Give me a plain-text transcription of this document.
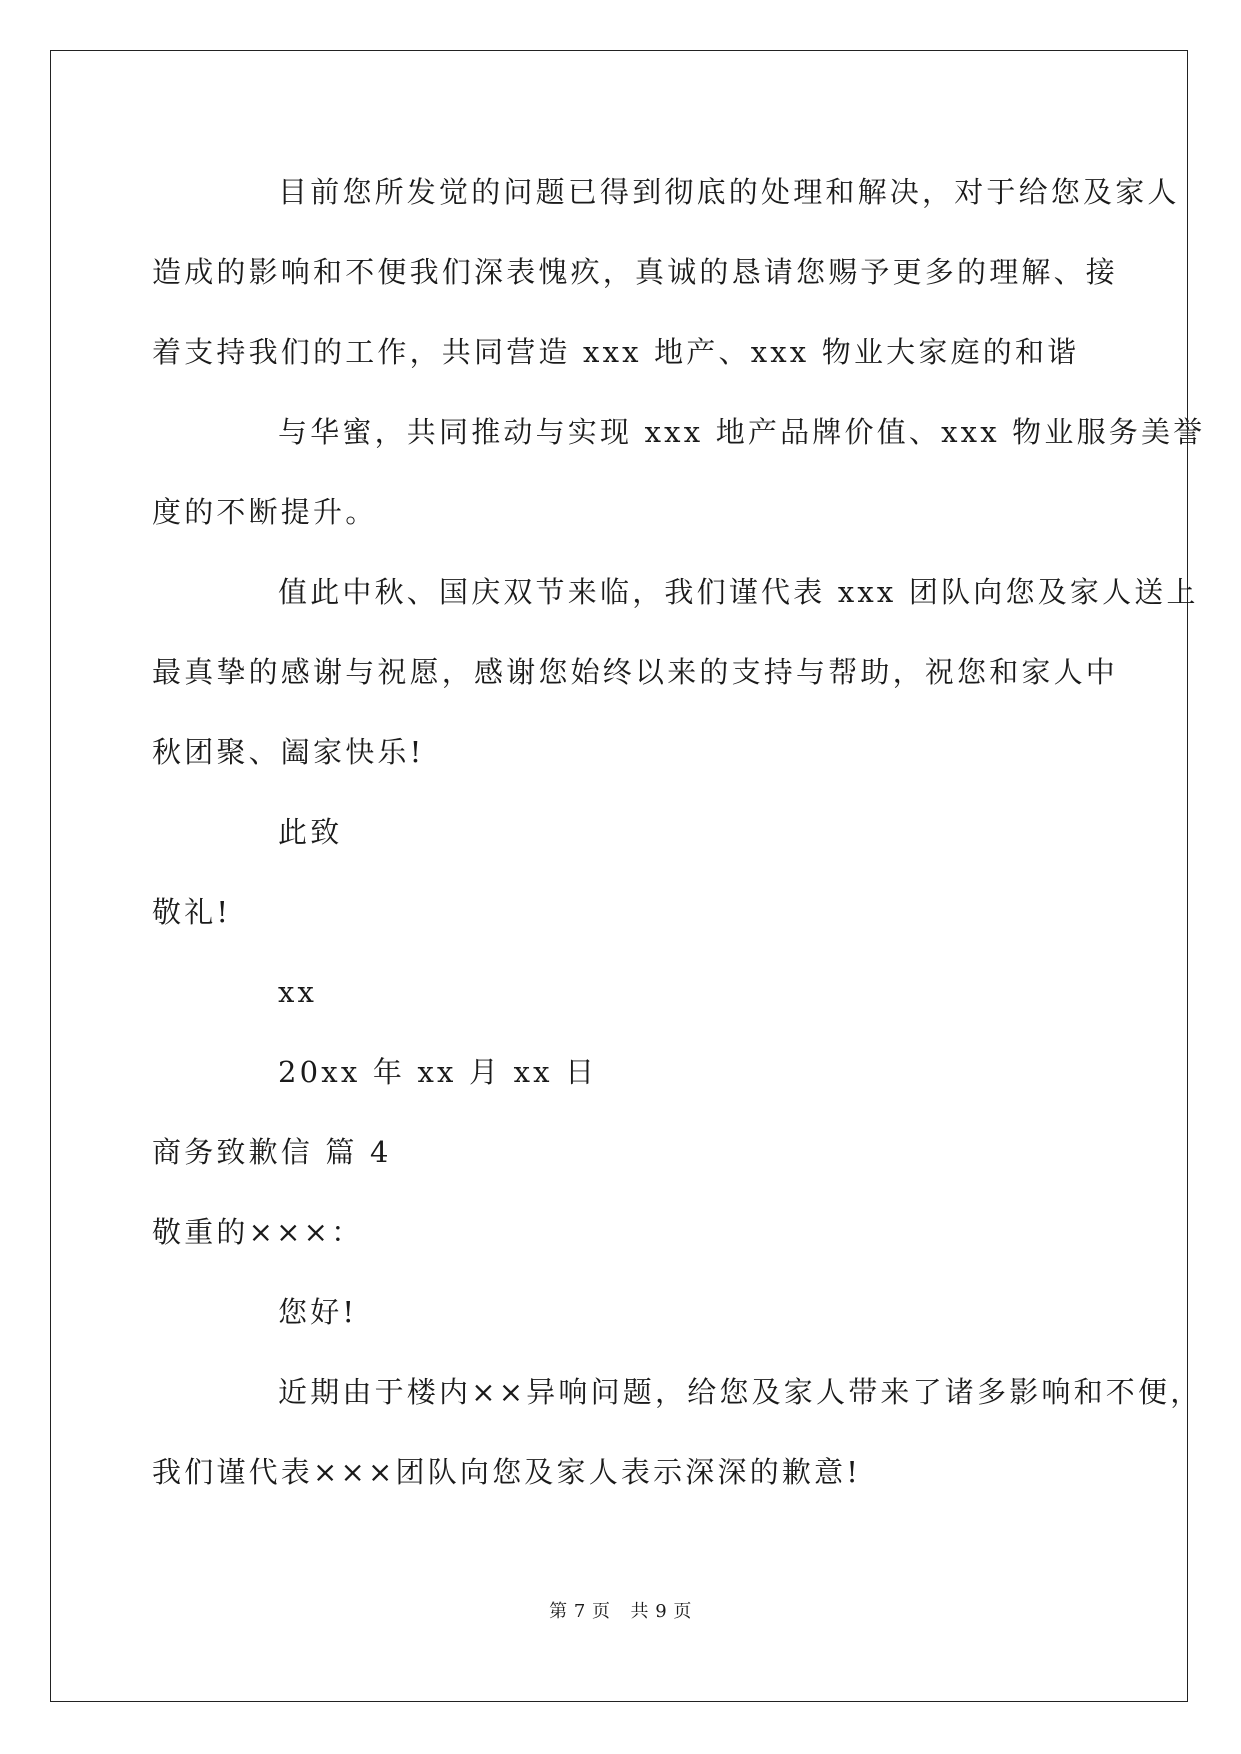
目前您所发觉的问题已得到彻底的处理和解决，对于给您及家人
造成的影响和不便我们深表愧疚，真诚的恳请您赐予更多的理解、接
着支持我们的工作，共同营造 xxx 地产、xxx 物业大家庭的和谐
与华蜜，共同推动与实现 xxx 地产品牌价值、xxx 物业服务美誉
度的不断提升。
值此中秋、国庆双节来临，我们谨代表 xxx 团队向您及家人送上
最真挚的感谢与祝愿，感谢您始终以来的支持与帮助，祝您和家人中
秋团聚、阖家快乐!
此致
敬礼!
xx
20xx 年 xx 月 xx 日
商务致歉信 篇 4
敬重的×××：
您好!
近期由于楼内××异响问题，给您及家人带来了诸多影响和不便，
我们谨代表×××团队向您及家人表示深深的歉意!
第 7 页 共 9 页
